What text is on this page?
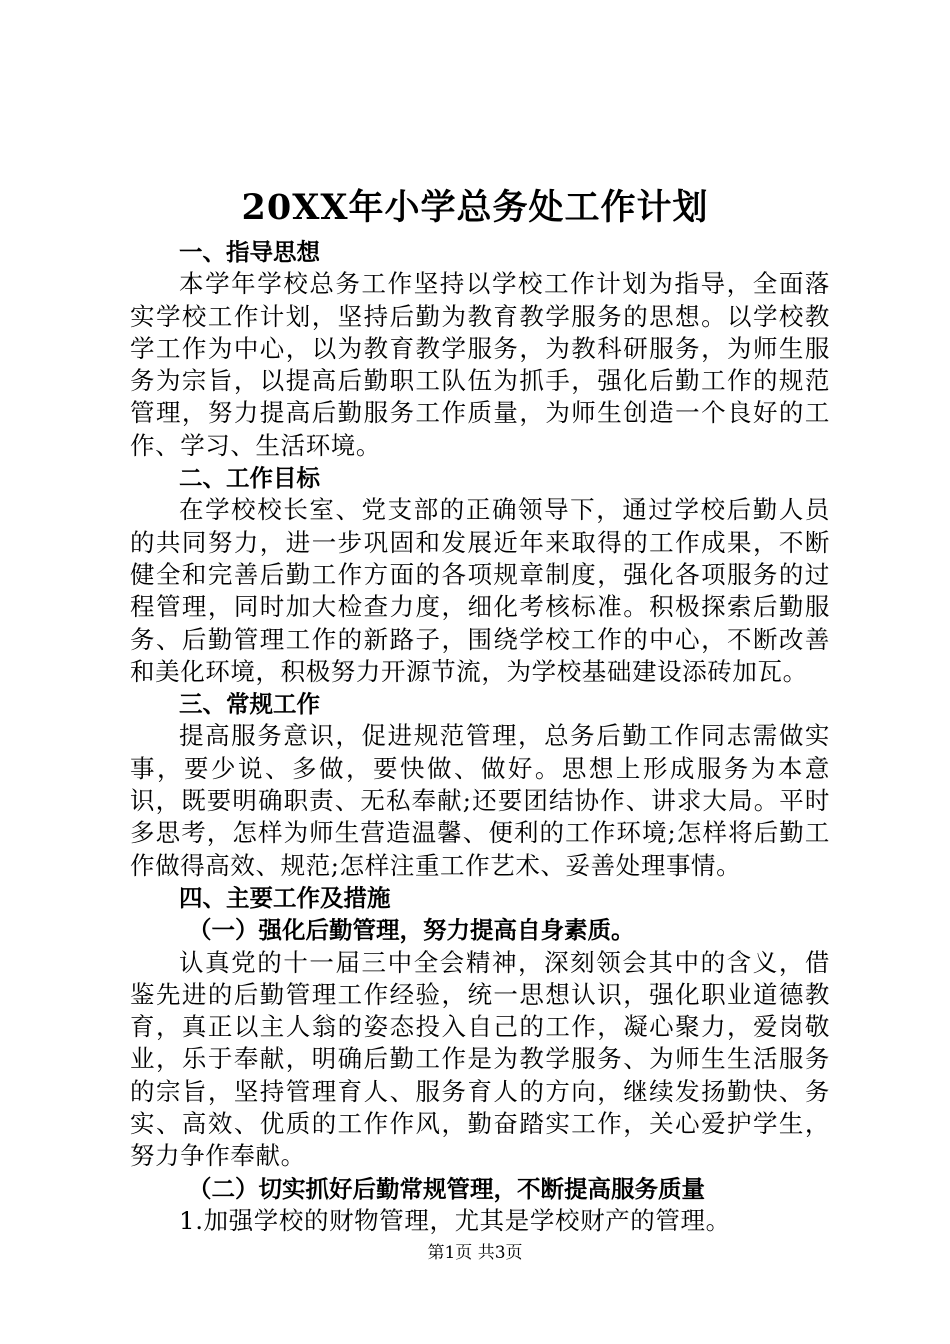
20XX年小学总务处工作计划

一、指导思想

本学年学校总务工作坚持以学校工作计划为指导，全面落实学校工作计划，坚持后勤为教育教学服务的思想。以学校教学工作为中心，以为教育教学服务，为教科研服务，为师生服务为宗旨，以提高后勤职工队伍为抓手，强化后勤工作的规范管理，努力提高后勤服务工作质量，为师生创造一个良好的工作、学习、生活环境。

二、工作目标

在学校校长室、党支部的正确领导下，通过学校后勤人员的共同努力，进一步巩固和发展近年来取得的工作成果，不断健全和完善后勤工作方面的各项规章制度，强化各项服务的过程管理，同时加大检查力度，细化考核标准。积极探索后勤服务、后勤管理工作的新路子，围绕学校工作的中心，不断改善和美化环境，积极努力开源节流，为学校基础建设添砖加瓦。

三、常规工作

提高服务意识，促进规范管理，总务后勤工作同志需做实事，要少说、多做，要快做、做好。思想上形成服务为本意识，既要明确职责、无私奉献;还要团结协作、讲求大局。平时多思考，怎样为师生营造温馨、便利的工作环境;怎样将后勤工作做得高效、规范;怎样注重工作艺术、妥善处理事情。

四、主要工作及措施

（一）强化后勤管理，努力提高自身素质。

认真党的十一届三中全会精神，深刻领会其中的含义，借鉴先进的后勤管理工作经验，统一思想认识，强化职业道德教育，真正以主人翁的姿态投入自己的工作，凝心聚力，爱岗敬业，乐于奉献，明确后勤工作是为教学服务、为师生生活服务的宗旨，坚持管理育人、服务育人的方向，继续发扬勤快、务实、高效、优质的工作作风，勤奋踏实工作，关心爱护学生，努力争作奉献。

（二）切实抓好后勤常规管理，不断提高服务质量

1.加强学校的财物管理，尤其是学校财产的管理。

第1页 共3页
